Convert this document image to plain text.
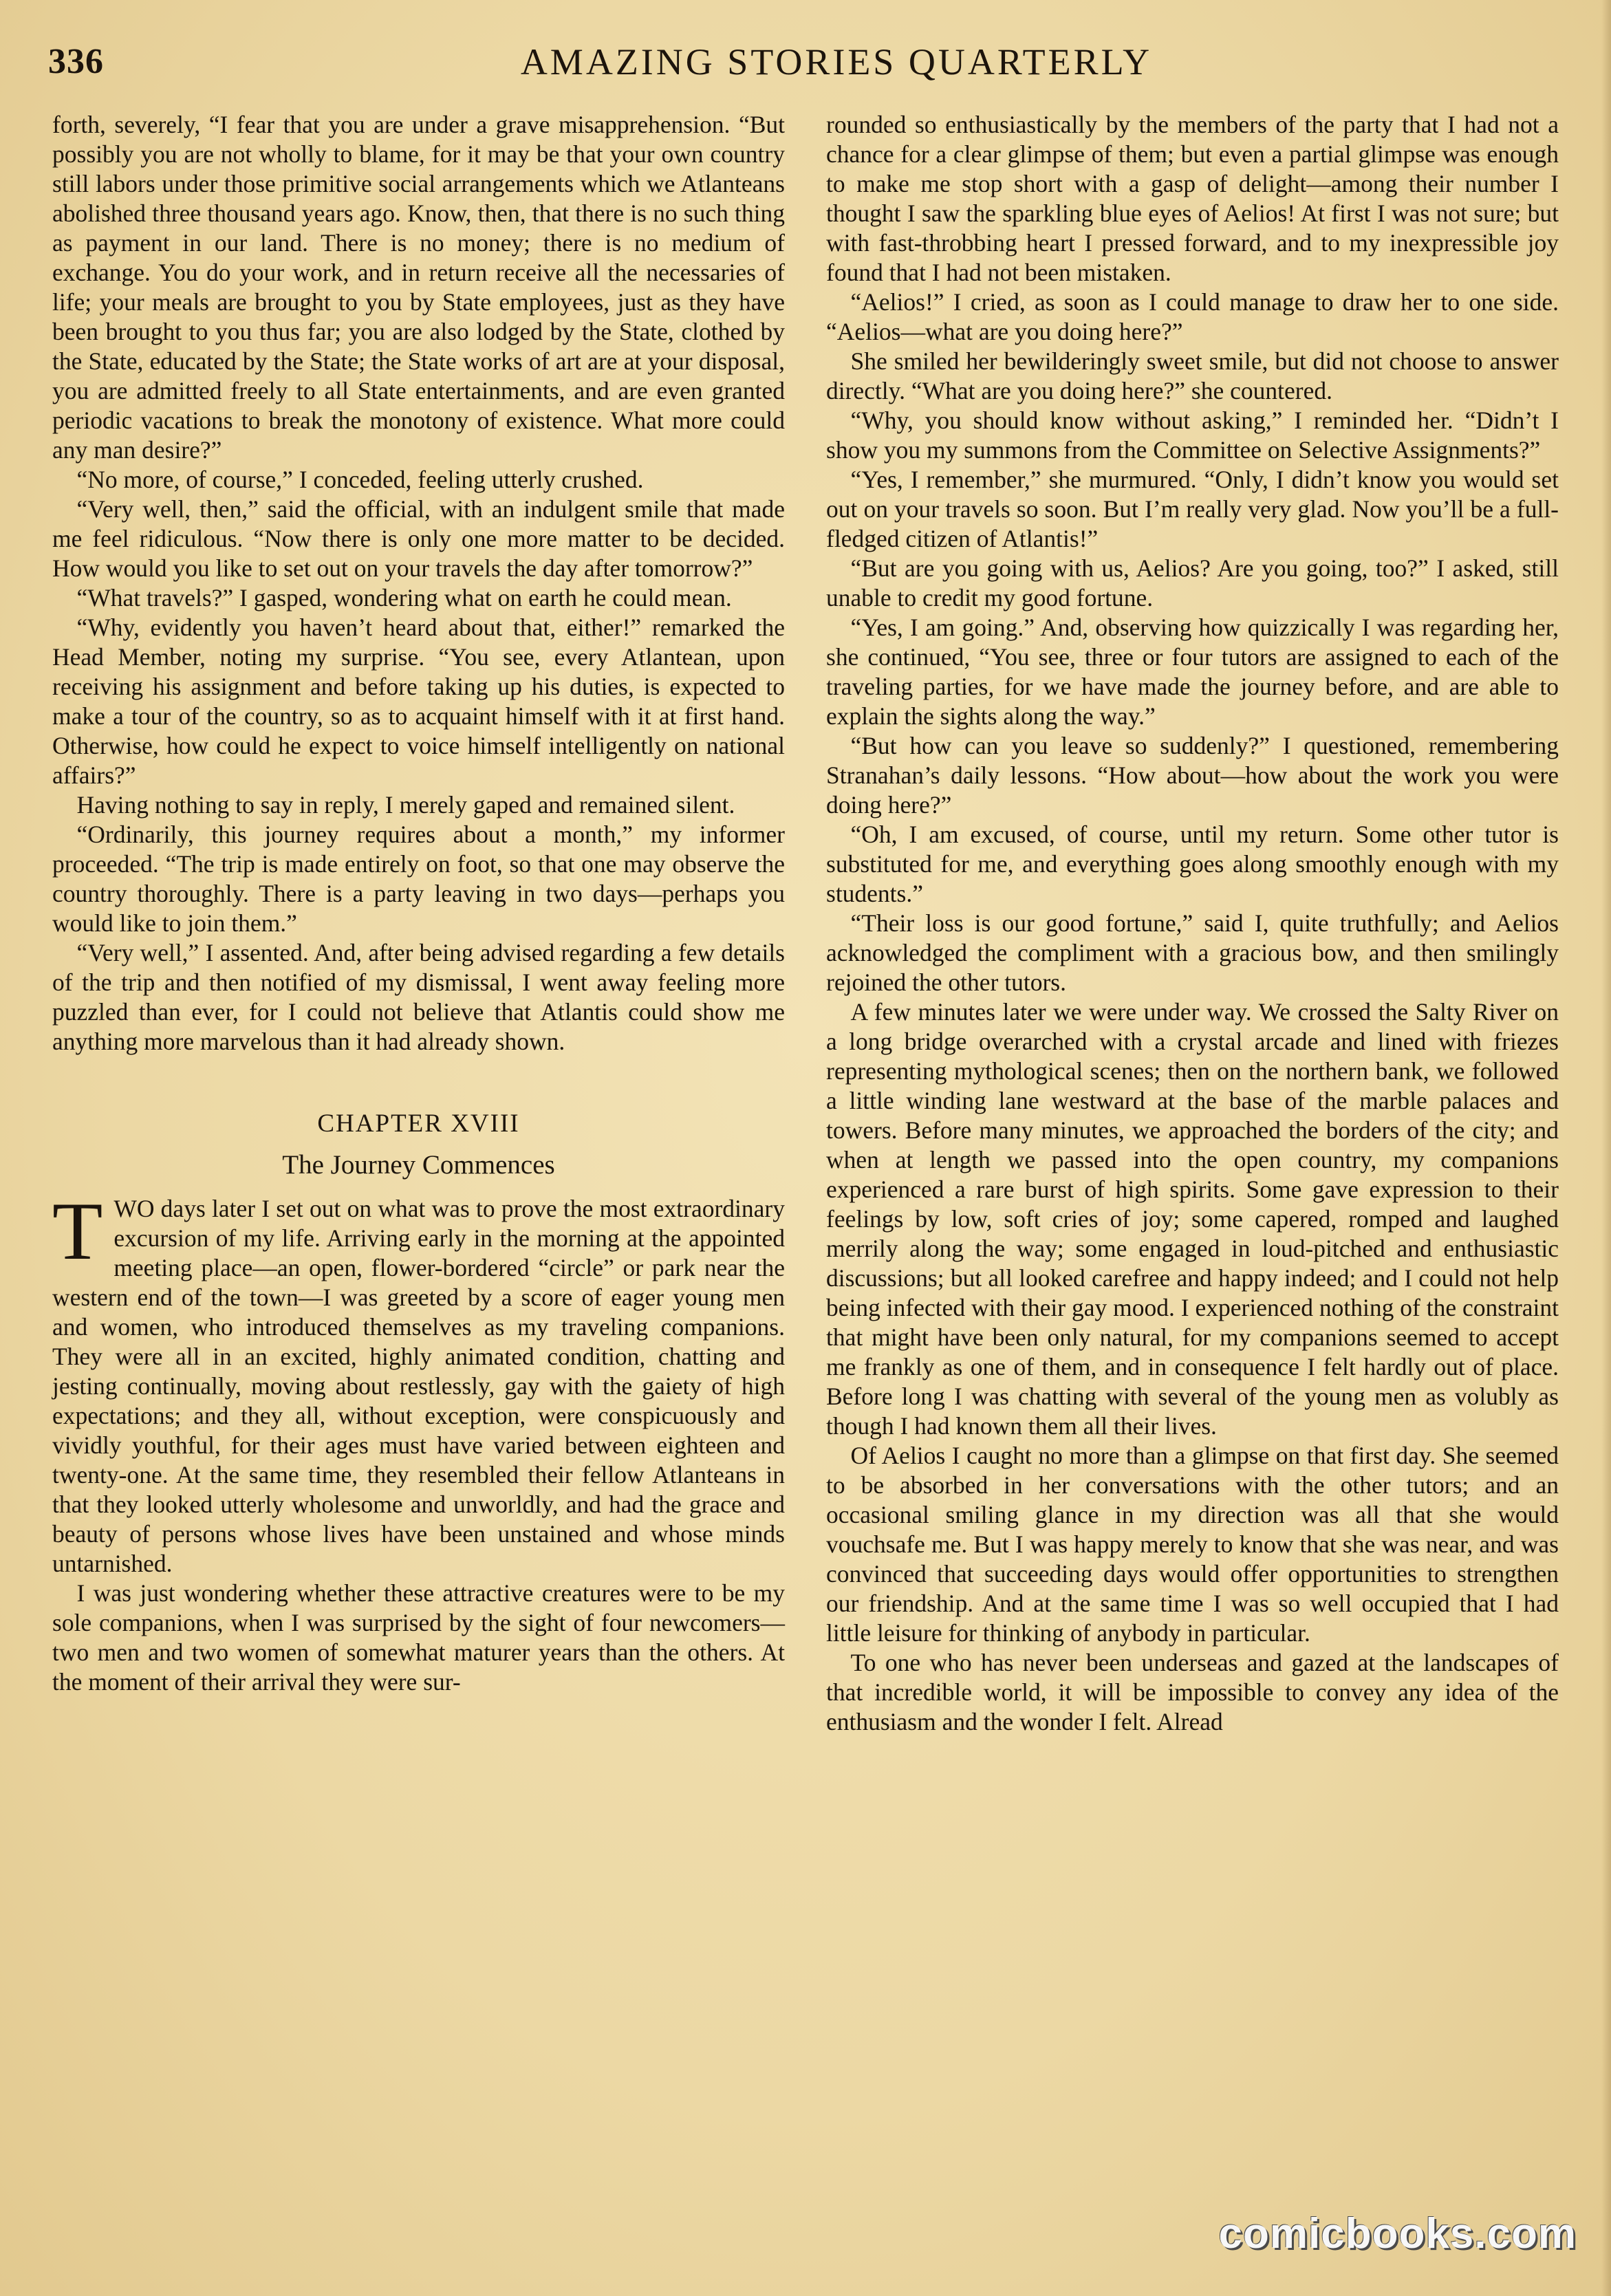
336	AMAZING STORIES QUARTERLY

forth, severely, “I fear that you are under a grave misapprehension. “But possibly you are not wholly to blame, for it may be that your own country still labors under those primitive social arrangements which we Atlanteans abolished three thousand years ago. Know, then, that there is no such thing as payment in our land. There is no money; there is no medium of exchange. You do your work, and in return receive all the necessaries of life; your meals are brought to you by State employees, just as they have been brought to you thus far; you are also lodged by the State, clothed by the State, educated by the State; the State works of art are at your disposal, you are admitted freely to all State entertainments, and are even granted periodic vacations to break the monotony of existence. What more could any man desire?”

“No more, of course,” I conceded, feeling utterly crushed.

“Very well, then,” said the official, with an indulgent smile that made me feel ridiculous. “Now there is only one more matter to be decided. How would you like to set out on your travels the day after tomorrow?”

“What travels?” I gasped, wondering what on earth he could mean.

“Why, evidently you haven’t heard about that, either!” remarked the Head Member, noting my surprise. “You see, every Atlantean, upon receiving his assignment and before taking up his duties, is expected to make a tour of the country, so as to acquaint himself with it at first hand. Otherwise, how could he expect to voice himself intelligently on national affairs?”

Having nothing to say in reply, I merely gaped and remained silent.

“Ordinarily, this journey requires about a month,” my informer proceeded. “The trip is made entirely on foot, so that one may observe the country thoroughly. There is a party leaving in two days—perhaps you would like to join them.”

“Very well,” I assented. And, after being advised regarding a few details of the trip and then notified of my dismissal, I went away feeling more puzzled than ever, for I could not believe that Atlantis could show me anything more marvelous than it had already shown.

CHAPTER XVIII
The Journey Commences

TWO days later I set out on what was to prove the most extraordinary excursion of my life. Arriving early in the morning at the appointed meeting place—an open, flower-bordered “circle” or park near the western end of the town—I was greeted by a score of eager young men and women, who introduced themselves as my traveling companions. They were all in an excited, highly animated condition, chatting and jesting continually, moving about restlessly, gay with the gaiety of high expectations; and they all, without exception, were conspicuously and vividly youthful, for their ages must have varied between eighteen and twenty-one. At the same time, they resembled their fellow Atlanteans in that they looked utterly wholesome and unworldly, and had the grace and beauty of persons whose lives have been unstained and whose minds untarnished.

I was just wondering whether these attractive creatures were to be my sole companions, when I was surprised by the sight of four newcomers—two men and two women of somewhat maturer years than the others. At the moment of their arrival they were sur-

rounded so enthusiastically by the members of the party that I had not a chance for a clear glimpse of them; but even a partial glimpse was enough to make me stop short with a gasp of delight—among their number I thought I saw the sparkling blue eyes of Aelios! At first I was not sure; but with fast-throbbing heart I pressed forward, and to my inexpressible joy found that I had not been mistaken.

“Aelios!” I cried, as soon as I could manage to draw her to one side. “Aelios—what are you doing here?”

She smiled her bewilderingly sweet smile, but did not choose to answer directly. “What are you doing here?” she countered.

“Why, you should know without asking,” I reminded her. “Didn’t I show you my summons from the Committee on Selective Assignments?”

“Yes, I remember,” she murmured. “Only, I didn’t know you would set out on your travels so soon. But I’m really very glad. Now you’ll be a full-fledged citizen of Atlantis!”

“But are you going with us, Aelios? Are you going, too?” I asked, still unable to credit my good fortune.

“Yes, I am going.” And, observing how quizzically I was regarding her, she continued, “You see, three or four tutors are assigned to each of the traveling parties, for we have made the journey before, and are able to explain the sights along the way.”

“But how can you leave so suddenly?” I questioned, remembering Stranahan’s daily lessons. “How about—how about the work you were doing here?”

“Oh, I am excused, of course, until my return. Some other tutor is substituted for me, and everything goes along smoothly enough with my students.”

“Their loss is our good fortune,” said I, quite truthfully; and Aelios acknowledged the compliment with a gracious bow, and then smilingly rejoined the other tutors.

A few minutes later we were under way. We crossed the Salty River on a long bridge overarched with a crystal arcade and lined with friezes representing mythological scenes; then on the northern bank, we followed a little winding lane westward at the base of the marble palaces and towers. Before many minutes, we approached the borders of the city; and when at length we passed into the open country, my companions experienced a rare burst of high spirits. Some gave expression to their feelings by low, soft cries of joy; some capered, romped and laughed merrily along the way; some engaged in loud-pitched and enthusiastic discussions; but all looked carefree and happy indeed; and I could not help being infected with their gay mood. I experienced nothing of the constraint that might have been only natural, for my companions seemed to accept me frankly as one of them, and in consequence I felt hardly out of place. Before long I was chatting with several of the young men as volubly as though I had known them all their lives.

Of Aelios I caught no more than a glimpse on that first day. She seemed to be absorbed in her conversations with the other tutors; and an occasional smiling glance in my direction was all that she would vouchsafe me. But I was happy merely to know that she was near, and was convinced that succeeding days would offer opportunities to strengthen our friendship. And at the same time I was so well occupied that I had little leisure for thinking of anybody in particular.

To one who has never been underseas and gazed at the landscapes of that incredible world, it will be impossible to convey any idea of the enthusiasm and the wonder I felt. Alread

comicbooks.com
